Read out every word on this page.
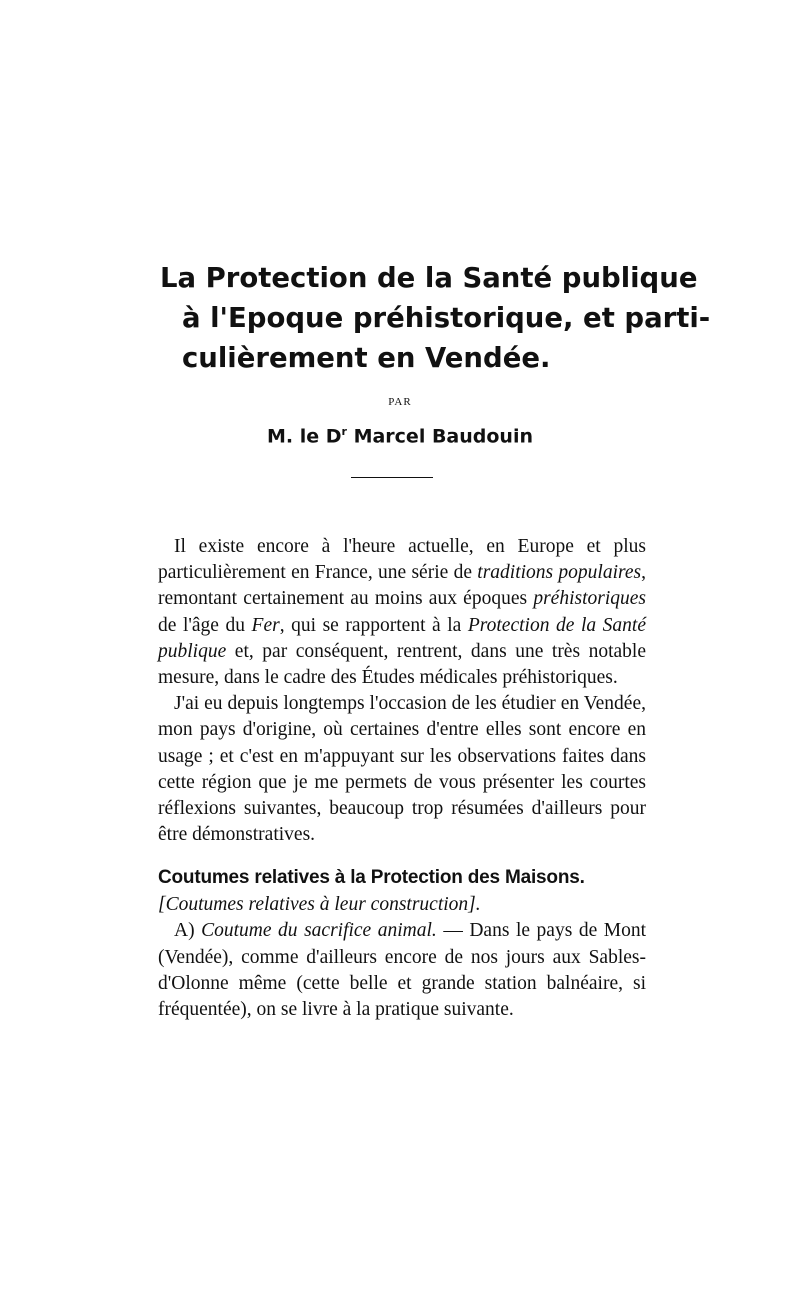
La Protection de la Santé publique
à l'Epoque préhistorique, et parti-
culièrement en Vendée.
PAR
M. le $D^r$ Marcel Baudouin

Il existe encore à l'heure actuelle, en Europe et plus particulièrement en France, une série de traditions populaires, remontant certainement au moins aux époques préhistoriques de l'âge du Fer, qui se rapportent à la Protection de la Santé publique et, par conséquent, rentrent, dans une très notable mesure, dans le cadre des Études médicales préhistoriques.

J'ai eu depuis longtemps l'occasion de les étudier en Vendée, mon pays d'origine, où certaines d'entre elles sont encore en usage ; et c'est en m'appuyant sur les observations faites dans cette région que je me permets de vous présenter les courtes réflexions suivantes, beaucoup trop résumées d'ailleurs pour être démonstratives.

Coutumes relatives à la Protection des Maisons.
[Coutumes relatives à leur construction].

A) Coutume du sacrifice animal. — Dans le pays de Mont (Vendée), comme d'ailleurs encore de nos jours aux Sables-d'Olonne même (cette belle et grande station balnéaire, si fréquentée), on se livre à la pratique suivante.
